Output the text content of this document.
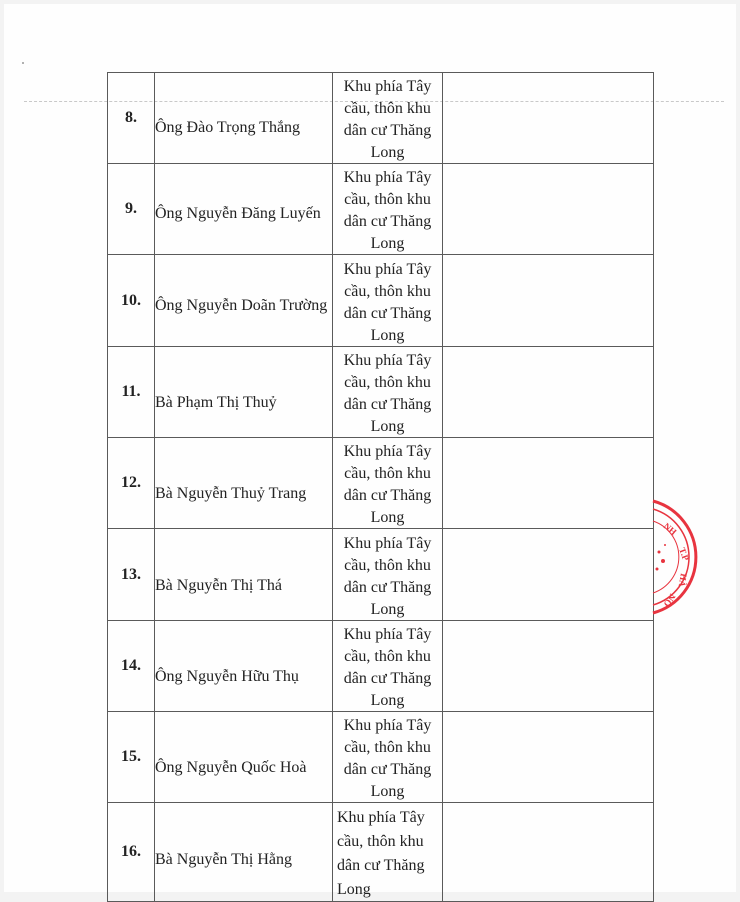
8.	Ông Đào Trọng Thắng	Khu phía Tây
cầu, thôn khu
dân cư Thăng
Long	

9.	Ông Nguyễn Đăng Luyến	Khu phía Tây
cầu, thôn khu
dân cư Thăng
Long	

10.	Ông Nguyễn Doãn Trường	Khu phía Tây
cầu, thôn khu
dân cư Thăng
Long	

11.	Bà Phạm Thị Thuỷ	Khu phía Tây
cầu, thôn khu
dân cư Thăng
Long	

12.	Bà Nguyễn Thuỷ Trang	Khu phía Tây
cầu, thôn khu
dân cư Thăng
Long	

13.	Bà Nguyễn Thị Thá	Khu phía Tây
cầu, thôn khu
dân cư Thăng
Long	

14.	Ông Nguyễn Hữu Thụ	Khu phía Tây
cầu, thôn khu
dân cư Thăng
Long	

15.	Ông Nguyễn Quốc Hoà	Khu phía Tây
cầu, thôn khu
dân cư Thăng
Long	

16.	Bà Nguyễn Thị Hằng	Khu phía Tây
cầu, thôn khu
dân cư Thăng
Long	

NH
T.P
HÀ
NỘ
